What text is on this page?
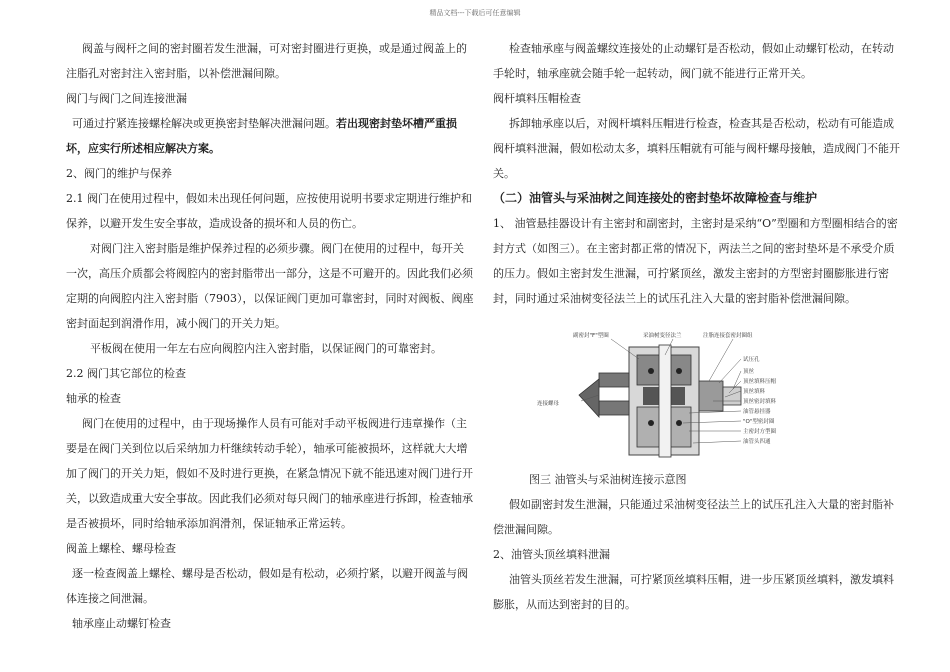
精品文档---下载后可任意编辑

阀盖与阀杆之间的密封圈若发生泄漏，可对密封圈进行更换，或是通过阀盖上的注脂孔对密封注入密封脂，以补偿泄漏间隙。

阀门与阀门之间连接泄漏

可通过拧紧连接螺栓解决或更换密封垫解决泄漏问题。若出现密封垫坏槽严重损坏，应实行所述相应解决方案。

2、阀门的维护与保养

2.1 阀门在使用过程中，假如未出现任何问题，应按使用说明书要求定期进行维护和保养，以避开发生安全事故，造成设备的损坏和人员的伤亡。

对阀门注入密封脂是维护保养过程的必须步骤。阀门在使用的过程中，每开关一次，高压介质都会将阀腔内的密封脂带出一部分，这是不可避开的。因此我们必须定期的向阀腔内注入密封脂（7903），以保证阀门更加可靠密封，同时对阀板、阀座密封面起到润滑作用，减小阀门的开关力矩。

平板阀在使用一年左右应向阀腔内注入密封脂，以保证阀门的可靠密封。

2.2 阀门其它部位的检查

轴承的检查

阀门在使用的过程中，由于现场操作人员有可能对手动平板阀进行违章操作（主要是在阀门关到位以后采纳加力杆继续转动手轮），轴承可能被损坏，这样就大大增加了阀门的开关力矩，假如不及时进行更换，在紧急情况下就不能迅速对阀门进行开关，以致造成重大安全事故。因此我们必须对每只阀门的轴承座进行拆卸，检查轴承是否被损坏，同时给轴承添加润滑剂，保证轴承正常运转。

阀盖上螺栓、螺母检查

逐一检查阀盖上螺栓、螺母是否松动，假如是有松动，必须拧紧，以避开阀盖与阀体连接之间泄漏。

轴承座止动螺钉检查

检查轴承座与阀盖螺纹连接处的止动螺钉是否松动，假如止动螺钉松动，在转动手轮时，轴承座就会随手轮一起转动，阀门就不能进行正常开关。

阀杆填料压帽检查

拆卸轴承座以后，对阀杆填料压帽进行检查，检查其是否松动，松动有可能造成阀杆填料泄漏，假如松动太多，填料压帽就有可能与阀杆螺母接触，造成阀门不能开关。

（二）油管头与采油树之间连接处的密封垫坏故障检查与维护

1、 油管悬挂器设计有主密封和副密封，主密封是采纳“O”型圈和方型圈相结合的密封方式（如图三）。在主密封都正常的情况下，两法兰之间的密封垫坏是不承受介质的压力。假如主密封发生泄漏，可拧紧顶丝，激发主密封的方型密封圈膨胀进行密封，同时通过采油树变径法兰上的试压孔注入大量的密封脂补偿泄漏间隙。

副密封"F"型圈	采油树变径法兰	注脂连接套密封圈组
连接螺母
试压孔
顶丝
顶丝填料压帽
顶丝填料
顶丝密封填料
油管悬挂器
"O"型密封圈
主密封方型圈
油管头四通

图三 油管头与采油树连接示意图

假如副密封发生泄漏，只能通过采油树变径法兰上的试压孔注入大量的密封脂补偿泄漏间隙。

2、油管头顶丝填料泄漏

油管头顶丝若发生泄漏，可拧紧顶丝填料压帽，进一步压紧顶丝填料，激发填料膨胀，从而达到密封的目的。
